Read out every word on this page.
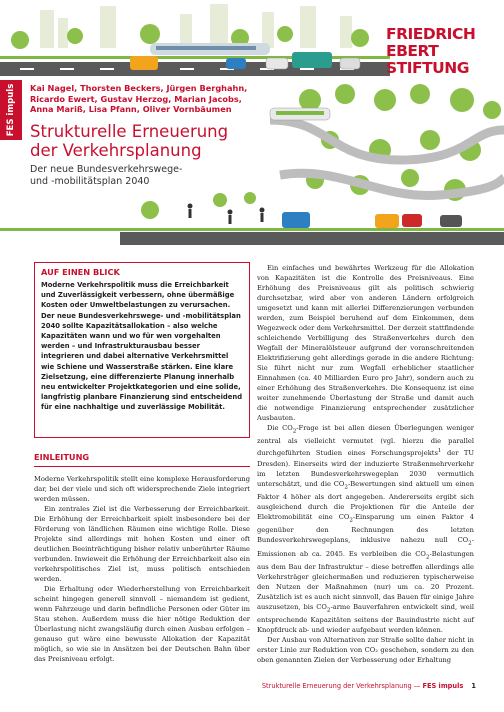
FRIEDRICH
EBERT
STIFTUNG
FES impuls Kai Nagel, Thorsten Beckers, Jürgen Berghahn,
Ricardo Ewert, Gustav Herzog, Marian Jacobs,
Anna Mariß, Lisa Pfann, Oliver Vornbäumen
Strukturelle Erneuerung
der Verkehrsplanung
Der neue Bundesverkehrswege-
und -mobilitätsplan 2040
AUF EINEN BLICK

Moderne Verkehrspolitik muss die Erreichbarkeit und Zuverlässigkeit verbessern, ohne übermäßige Kosten oder Umweltbelastungen zu verursachen. Der neue Bundesverkehrswege- und -mobilitätsplan 2040 sollte Kapazitätsallokation – also welche Kapazitäten wann und wo für wen vorgehalten werden – und Infrastrukturausbau besser integrieren und dabei alternative Verkehrsmittel wie Schiene und Wasserstraße stärken. Eine klare Zielsetzung, eine differenzierte Planung innerhalb neu entwickelter Projektkategorien und eine solide, langfristig planbare Finanzierung sind entscheidend für eine nachhaltige und zuverlässige Mobilität.

EINLEITUNG

Moderne Verkehrspolitik stellt eine komplexe Herausforderung dar, bei der viele und sich oft widersprechende Ziele integriert werden müssen.

Ein zentrales Ziel ist die Verbesserung der Erreichbarkeit. Die Erhöhung der Erreichbarkeit spielt insbesondere bei der Förderung von ländlichen Räumen eine wichtige Rolle. Diese Projekte sind allerdings mit hohen Kosten und einer oft deutlichen Beeinträchtigung bisher relativ unberührter Räume verbunden. Inwieweit die Erhöhung der Erreichbarkeit also ein verkehrspolitisches Ziel ist, muss politisch entschieden werden.

Die Erhaltung oder Wiederherstellung von Erreichbarkeit scheint hingegen generell sinnvoll – niemandem ist gedient, wenn Fahrzeuge und darin befindliche Personen oder Güter im Stau stehen. Außerdem muss die hier nötige Reduktion der Überlastung nicht zwangsläufig durch einen Ausbau erfolgen – genauso gut wäre eine bewusste Allokation der Kapazität möglich, so wie sie in Ansätzen bei der Deutschen Bahn über das Preisniveau erfolgt.

Ein einfaches und bewährtes Werkzeug für die Allokation von Kapazitäten ist die Kontrolle des Preisniveaus. Eine Erhöhung des Preisniveaus gilt als politisch schwierig durchsetzbar, wird aber von anderen Ländern erfolgreich umgesetzt und kann mit allerlei Differenzierungen verbunden werden, zum Beispiel beruhend auf dem Einkommen, dem Wegezweck oder dem Verkehrsmittel. Der derzeit stattfindende schleichende Verbilligung des Straßenverkehrs durch den Wegfall der Mineralölsteuer aufgrund der voranschreitenden Elektrifizierung geht allerdings gerade in die andere Richtung: Sie führt nicht nur zum Wegfall erheblicher staatlicher Einnahmen (ca. 40 Milliarden Euro pro Jahr), sondern auch zu einer Erhöhung des Straßenverkehrs. Die Konsequenz ist eine weiter zunehmende Überlastung der Straße und damit auch die notwendige Finanzierung entsprechender zusätzlicher Ausbauten.

Die $CO_2$-Frage ist bei allen diesen Überlegungen weniger zentral als vielleicht vermutet (vgl. hierzu die parallel durchgeführten Studien eines Forschungsprojekts$^1$ der TU Dresden). Einerseits wird der induzierte Straßenmehrverkehr im letzten Bundesverkehrswegeplan 2030 vermutlich unterschätzt, und die $CO_2$-Bewertungen sind aktuell um einen Faktor 4 höher als dort angegeben. Andererseits ergibt sich ausgleichend durch die Projektionen für die Anteile der Elektromobilität eine $CO_2$-Einsparung um einen Faktor 4 gegenüber den Rechnungen des letzten Bundesverkehrswegeplans, inklusive nahezu null $CO_2$-Emissionen ab ca. 2045. Es verbleiben die $CO_2$-Belastungen aus dem Bau der Infrastruktur – diese betreffen allerdings alle Verkehrsträger gleichermaßen und reduzieren typischerweise den Nutzen der Maßnahmen (nur) um ca. 20 Prozent. Zusätzlich ist es auch nicht sinnvoll, das Bauen für einige Jahre auszusetzen, bis $CO_2$-arme Bauverfahren entwickelt sind, weil entsprechende Kapazitäten seitens der Bauindustrie nicht auf Knopfdruck ab- und wieder aufgebaut werden können.

Der Ausbau von Alternativen zur Straße sollte daher nicht in erster Linie zur Reduktion von CO₂ geschehen, sondern zu den oben genannten Zielen der Verbesserung oder Erhaltung

Strukturelle Erneuerung der Verkehrsplanung — FES impuls 1
